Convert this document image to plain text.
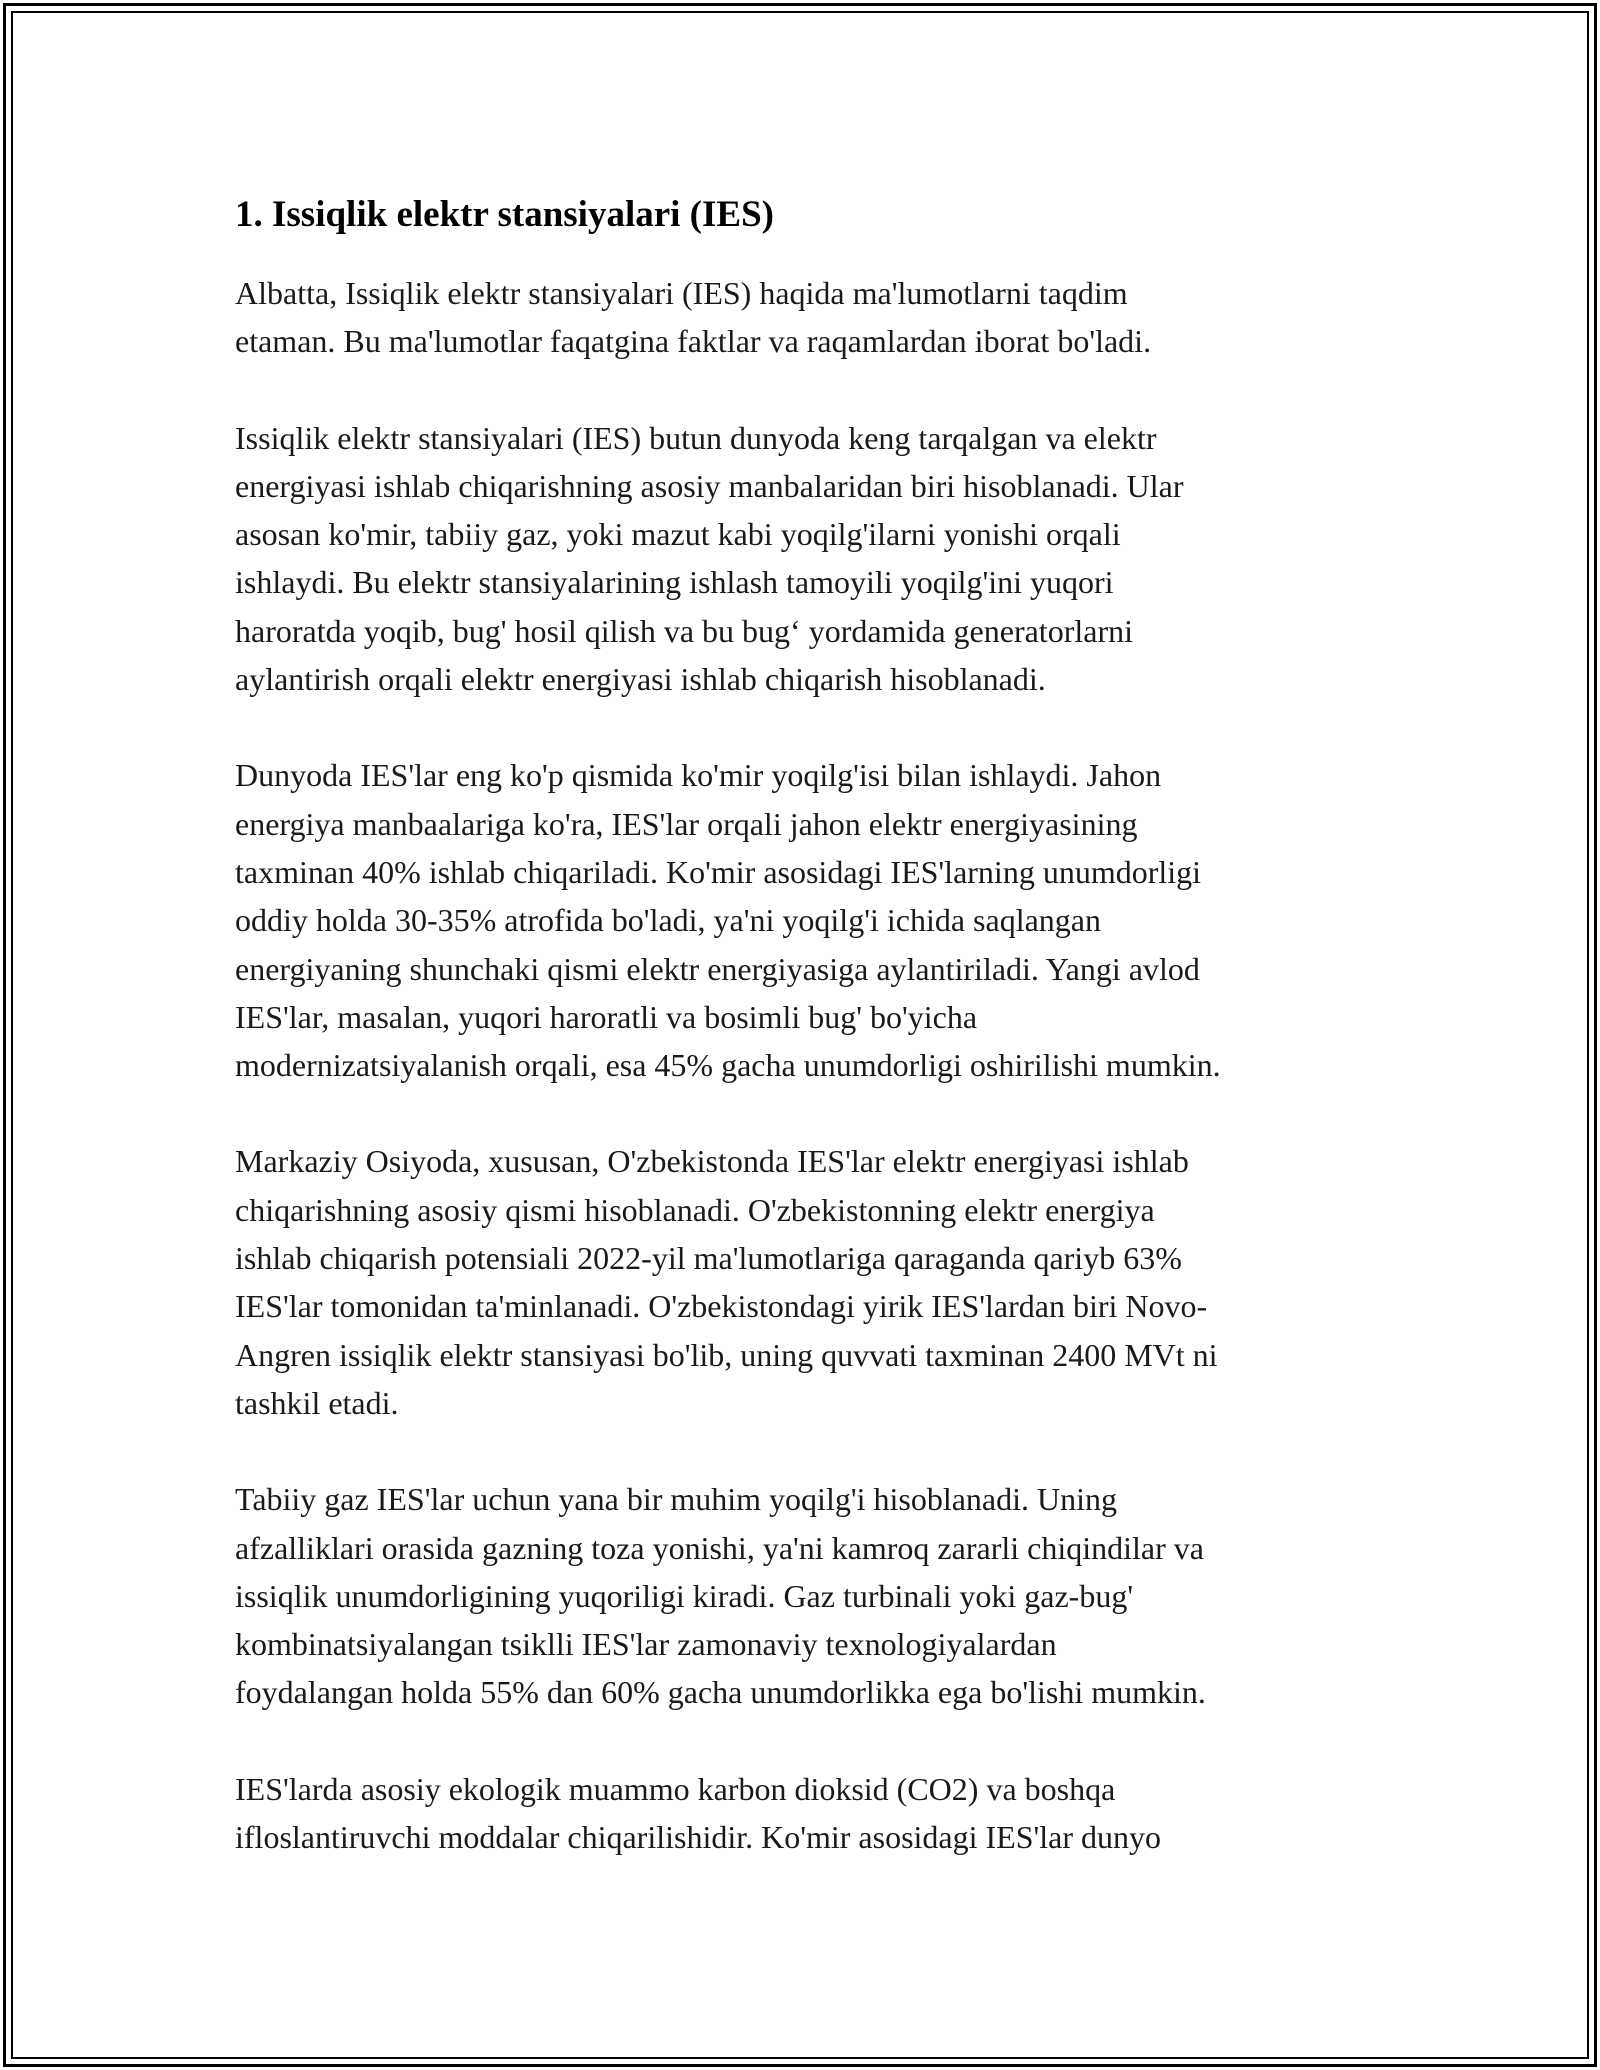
1. Issiqlik elektr stansiyalari (IES)

Albatta, Issiqlik elektr stansiyalari (IES) haqida ma'lumotlarni taqdim
etaman. Bu ma'lumotlar faqatgina faktlar va raqamlardan iborat bo'ladi.

Issiqlik elektr stansiyalari (IES) butun dunyoda keng tarqalgan va elektr
energiyasi ishlab chiqarishning asosiy manbalaridan biri hisoblanadi. Ular
asosan ko'mir, tabiiy gaz, yoki mazut kabi yoqilg'ilarni yonishi orqali
ishlaydi. Bu elektr stansiyalarining ishlash tamoyili yoqilg'ini yuqori
haroratda yoqib, bug' hosil qilish va bu bug‘ yordamida generatorlarni
aylantirish orqali elektr energiyasi ishlab chiqarish hisoblanadi.

Dunyoda IES'lar eng ko'p qismida ko'mir yoqilg'isi bilan ishlaydi. Jahon
energiya manbaalariga ko'ra, IES'lar orqali jahon elektr energiyasining
taxminan 40% ishlab chiqariladi. Ko'mir asosidagi IES'larning unumdorligi
oddiy holda 30-35% atrofida bo'ladi, ya'ni yoqilg'i ichida saqlangan
energiyaning shunchaki qismi elektr energiyasiga aylantiriladi. Yangi avlod
IES'lar, masalan, yuqori haroratli va bosimli bug' bo'yicha
modernizatsiyalanish orqali, esa 45% gacha unumdorligi oshirilishi mumkin.

Markaziy Osiyoda, xususan, O'zbekistonda IES'lar elektr energiyasi ishlab
chiqarishning asosiy qismi hisoblanadi. O'zbekistonning elektr energiya
ishlab chiqarish potensiali 2022-yil ma'lumotlariga qaraganda qariyb 63%
IES'lar tomonidan ta'minlanadi. O'zbekistondagi yirik IES'lardan biri Novo-
Angren issiqlik elektr stansiyasi bo'lib, uning quvvati taxminan 2400 MVt ni
tashkil etadi.

Tabiiy gaz IES'lar uchun yana bir muhim yoqilg'i hisoblanadi. Uning
afzalliklari orasida gazning toza yonishi, ya'ni kamroq zararli chiqindilar va
issiqlik unumdorligining yuqoriligi kiradi. Gaz turbinali yoki gaz-bug'
kombinatsiyalangan tsiklli IES'lar zamonaviy texnologiyalardan
foydalangan holda 55% dan 60% gacha unumdorlikka ega bo'lishi mumkin.

IES'larda asosiy ekologik muammo karbon dioksid (CO2) va boshqa
ifloslantiruvchi moddalar chiqarilishidir. Ko'mir asosidagi IES'lar dunyo
